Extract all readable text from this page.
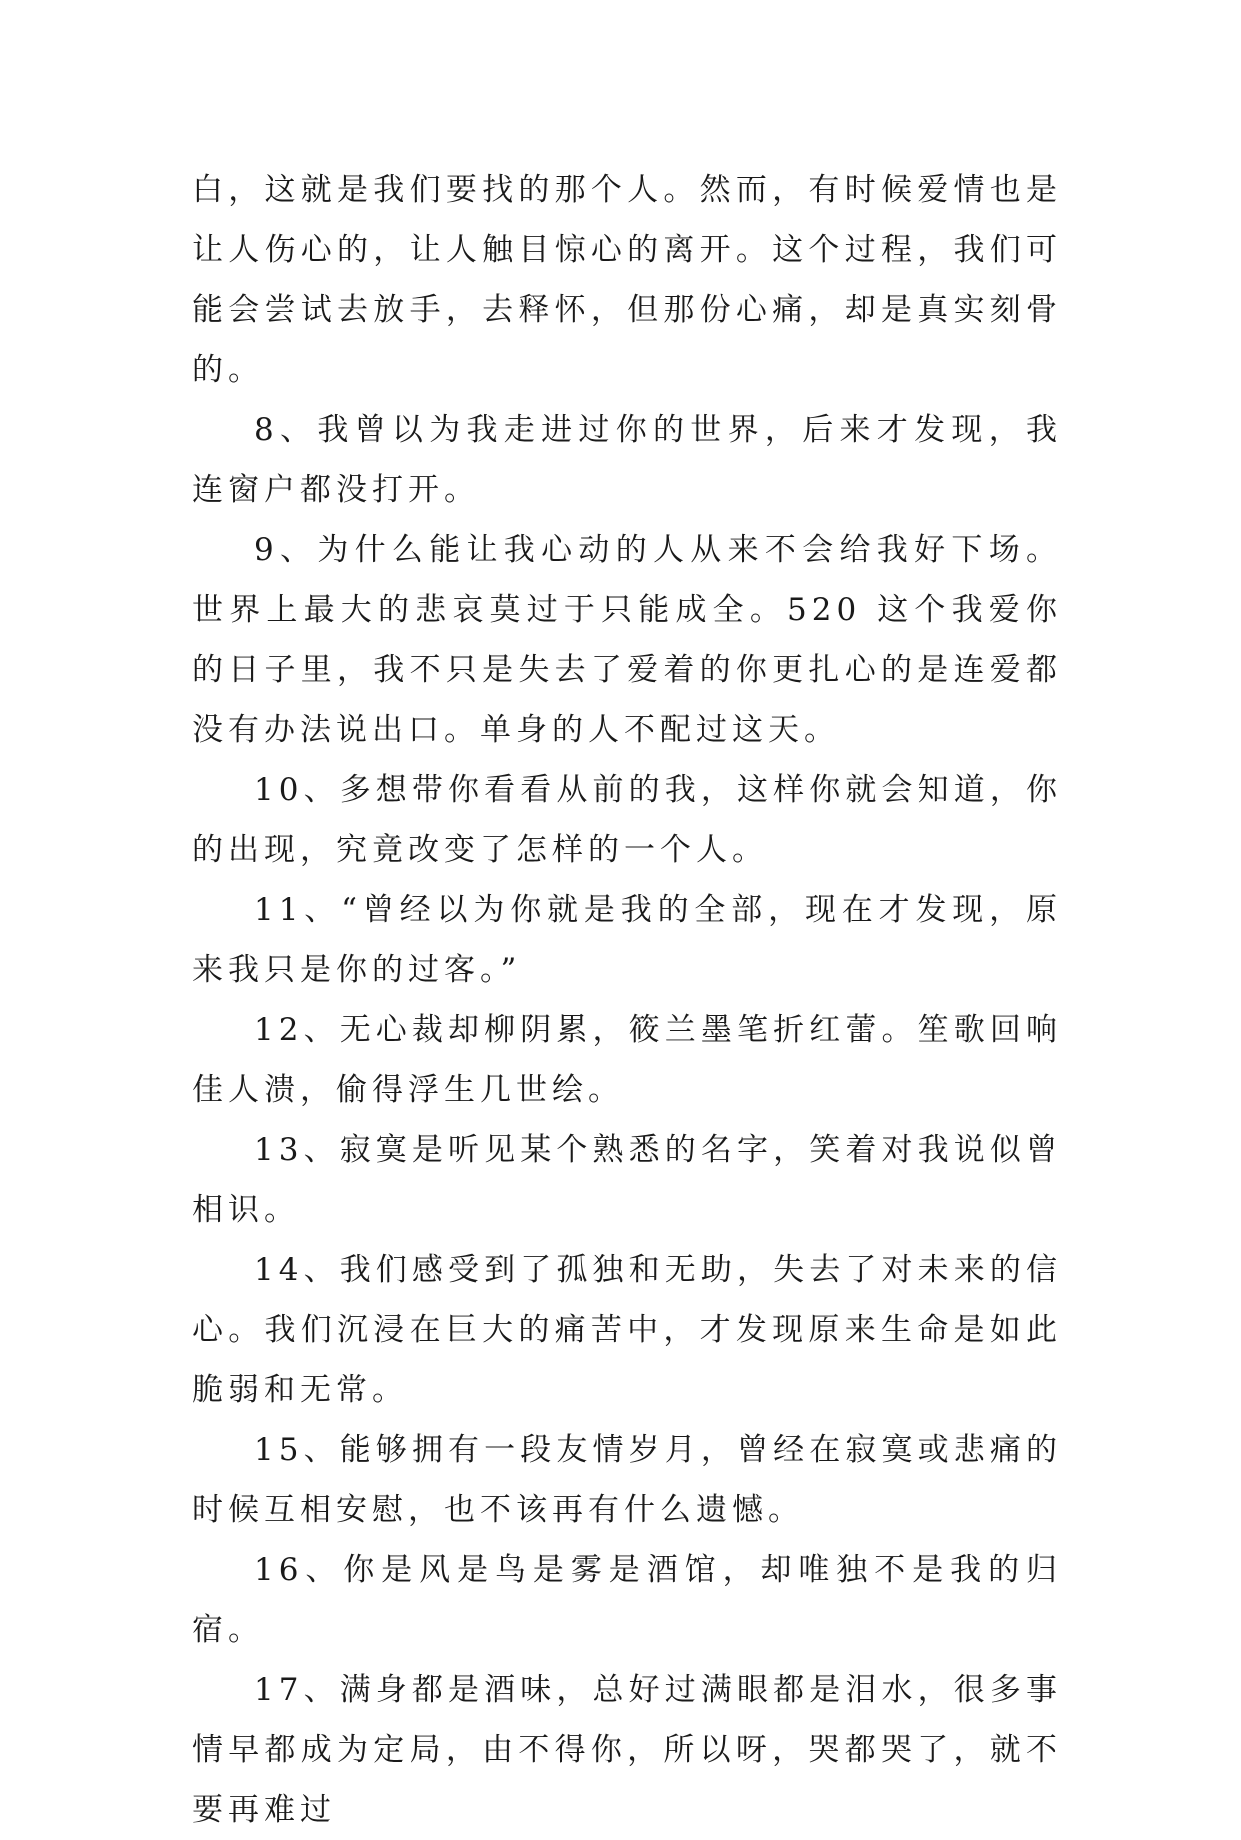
白，这就是我们要找的那个人。然而，有时候爱情也是让人伤心的，让人触目惊心的离开。这个过程，我们可能会尝试去放手，去释怀，但那份心痛，却是真实刻骨的。

8、我曾以为我走进过你的世界，后来才发现，我连窗户都没打开。

9、为什么能让我心动的人从来不会给我好下场。世界上最大的悲哀莫过于只能成全。520 这个我爱你的日子里，我不只是失去了爱着的你更扎心的是连爱都没有办法说出口。单身的人不配过这天。

10、多想带你看看从前的我，这样你就会知道，你的出现，究竟改变了怎样的一个人。

11、“曾经以为你就是我的全部，现在才发现，原来我只是你的过客。”

12、无心裁却柳阴累，筱兰墨笔折红蕾。笙歌回响佳人溃，偷得浮生几世绘。

13、寂寞是听见某个熟悉的名字，笑着对我说似曾相识。

14、我们感受到了孤独和无助，失去了对未来的信心。我们沉浸在巨大的痛苦中，才发现原来生命是如此脆弱和无常。

15、能够拥有一段友情岁月，曾经在寂寞或悲痛的时候互相安慰，也不该再有什么遗憾。

16、你是风是鸟是雾是酒馆，却唯独不是我的归宿。

17、满身都是酒味，总好过满眼都是泪水，很多事情早都成为定局，由不得你，所以呀，哭都哭了，就不要再难过
